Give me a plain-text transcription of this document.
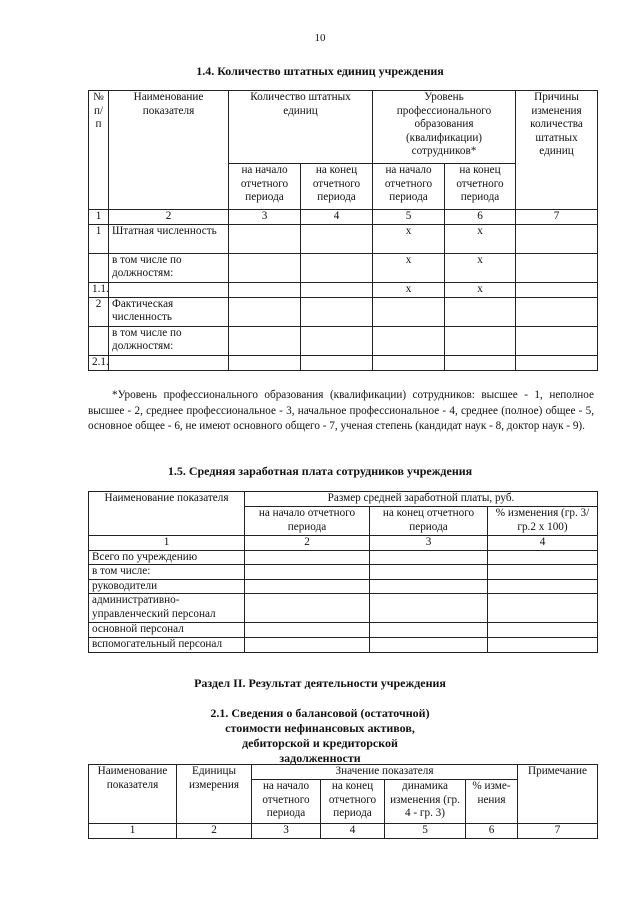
10
1.4. Количество штатных единиц учреждения
№ п/п	Наименование показателя	Количество штатных единиц		Уровень профессионального образования (квалификации) сотрудников*		Причины изменения количества штатных единиц
		на начало отчетного периода	на конец отчетного периода	на начало отчетного периода	на конец отчетного периода	
1	2	3	4	5	6	7
1	Штатная численность			х	х	
	в том числе по должностям:			х	х	
1.1.				х	х	
2	Фактическая численность					
	в том числе по должностям:					
2.1.						
*Уровень профессионального образования (квалификации) сотрудников: высшее - 1, неполное высшее - 2, среднее профессиональное - 3, начальное профессиональное - 4, среднее (полное) общее - 5, основное общее - 6, не имеют основного общего - 7, ученая степень (кандидат наук - 8, доктор наук - 9).
1.5. Средняя заработная плата сотрудников учреждения
Наименование показателя	Размер средней заработной платы, руб.		
	на начало отчетного периода	на конец отчетного периода	% изменения (гр. 3/гр.2 х 100)
1	2	3	4
Всего по учреждению			
в том числе:			
руководители			
административно-управленческий персонал			
основной персонал			
вспомогательный персонал			
Раздел II. Результат деятельности учреждения
2.1. Сведения о балансовой (остаточной) стоимости нефинансовых активов, дебиторской и кредиторской задолженности
Наименование показателя	Единицы измерения	Значение показателя				Примечание
		на начало отчетного периода	на конец отчетного периода	динамика изменения (гр. 4 - гр. 3)	% изме-нения	
1	2	3	4	5	6	7
